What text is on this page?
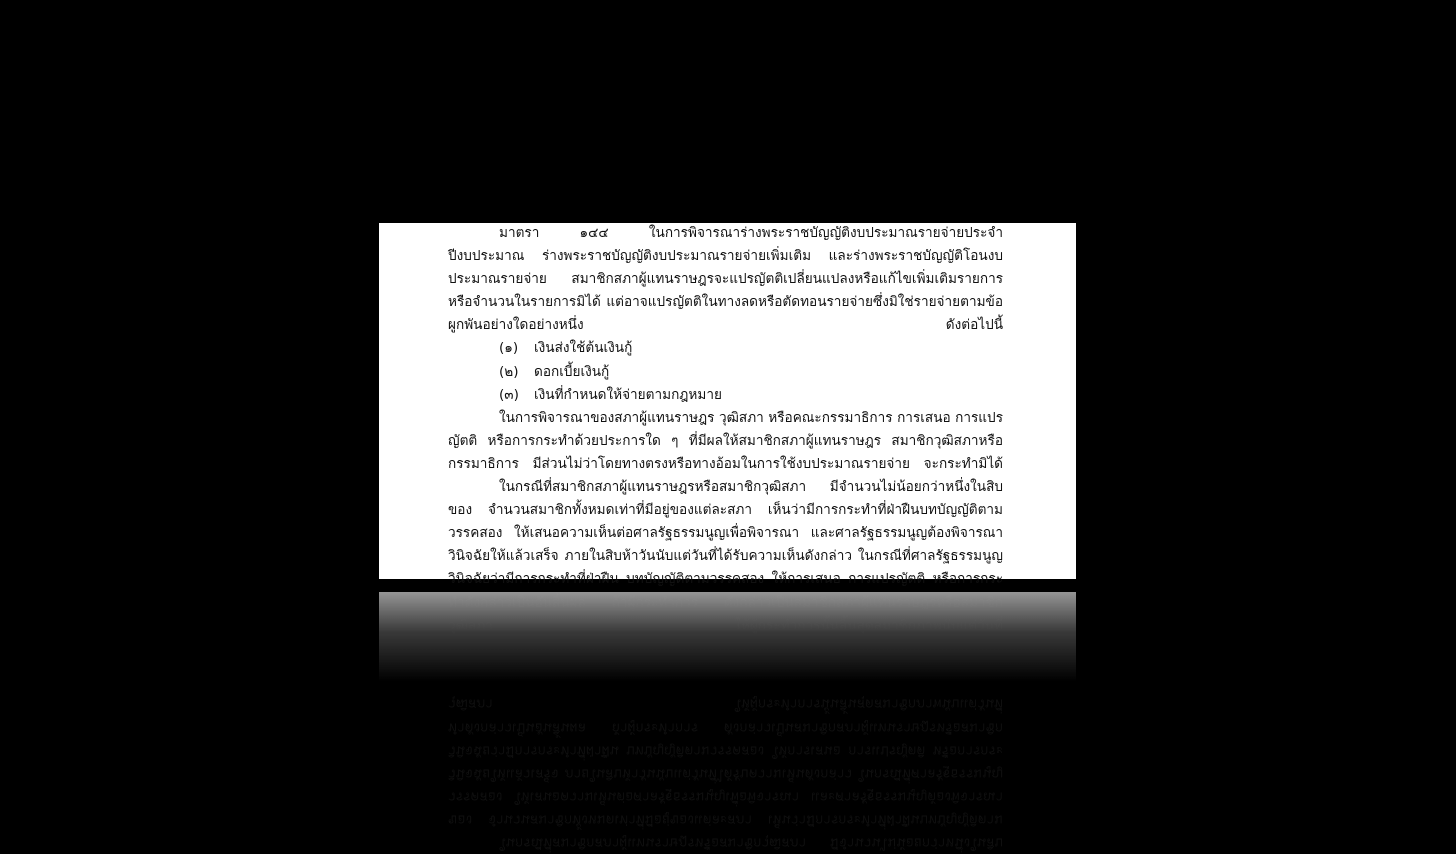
มาตรา	๑๔๔	ในการพิจารณาร่างพระราชบัญญัติงบประมาณรายจ่ายประจำปีงบประมาณ ร่างพระราชบัญญัติงบประมาณรายจ่ายเพิ่มเติม และร่างพระราชบัญญัติโอนงบประมาณรายจ่าย สมาชิกสภาผู้แทนราษฎรจะแปรญัตติเปลี่ยนแปลงหรือแก้ไขเพิ่มเติมรายการหรือจำนวนในรายการมิได้ แต่อาจแปรญัตติในทางลดหรือตัดทอนรายจ่ายซึ่งมิใช่รายจ่ายตามข้อผูกพันอย่างใดอย่างหนึ่ง ดังต่อไปนี้

(๑) เงินส่งใช้ต้นเงินกู้

(๒) ดอกเบี้ยเงินกู้

(๓) เงินที่กำหนดให้จ่ายตามกฎหมาย

ในการพิจารณาของสภาผู้แทนราษฎร วุฒิสภา หรือคณะกรรมาธิการ การเสนอ การแปรญัตติ หรือการกระทำด้วยประการใด ๆ ที่มีผลให้สมาชิกสภาผู้แทนราษฎร สมาชิกวุฒิสภาหรือกรรมาธิการ มีส่วนไม่ว่าโดยทางตรงหรือทางอ้อมในการใช้งบประมาณรายจ่าย จะกระทำมิได้

ในกรณีที่สมาชิกสภาผู้แทนราษฎรหรือสมาชิกวุฒิสภา มีจำนวนไม่น้อยกว่าหนึ่งในสิบของ จำนวนสมาชิกทั้งหมดเท่าที่มีอยู่ของแต่ละสภา เห็นว่ามีการกระทำที่ฝ่าฝืนบทบัญญัติตามวรรคสอง ให้เสนอความเห็นต่อศาลรัฐธรรมนูญเพื่อพิจารณา และศาลรัฐธรรมนูญต้องพิจารณาวินิจฉัยให้แล้วเสร็จ ภายในสิบห้าวันนับแต่วันที่ได้รับความเห็นดังกล่าว ในกรณีที่ศาลรัฐธรรมนูญวินิจฉัยว่ามีการกระทำที่ฝ่าฝืน บทบัญญัติตามวรรคสอง ให้การเสนอ การแปรญัตติ หรือการกระ

ในกรณีที่สมาชิกสภาผู้แทนราษฎรหรือสมาชิกวุฒิสภา มีจำนวนไม่น้อยกว่าหนึ่งในสิบของ จำนวนสมาชิกทั้งหมดเท่าที่มีอยู่ของแต่ละสภา เห็นว่ามีการกระทำที่ฝ่าฝืนบทบัญญัติตามวรรคสอง ให้เสนอความเห็นต่อศาลรัฐธรรมนูญเพื่อพิจารณา และศาลรัฐธรรมนูญต้องพิจารณาวินิจฉัยให้แล้วเสร็จ ภายในสิบห้าวันนับแต่วันที่ได้รับความเห็นดังกล่าว ในกรณีที่ศาลรัฐธรรมนูญวินิจฉัยว่ามีการกระทำที่ฝ่าฝืน บทบัญญัติตามวรรคสอง ให้การเสนอ การแปรญัตติ หรือการกระทำดังกล่าวเป็นอันสิ้นผล ถ้าผู้กระทำการ ดังกล่าวเป็นสมาชิกสภาผู้แทนราษฎรหรือสมาชิกวุฒิสภา ให้ผู้กระทำการนั้นสิ้นสุดสมาชิกภาพนับแต่วันที่
